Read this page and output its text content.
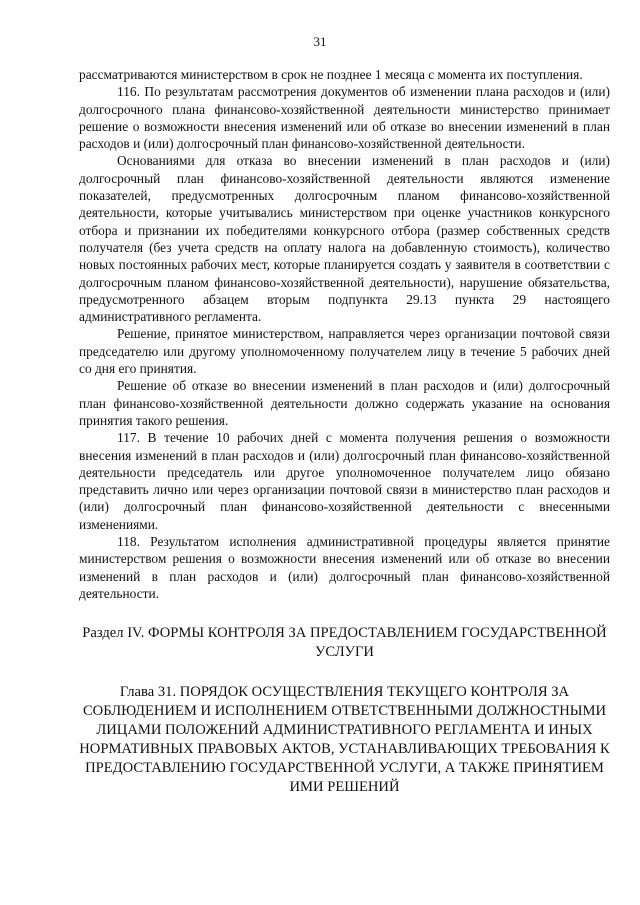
31

рассматриваются министерством в срок не позднее 1 месяца с момента их поступления.

116. По результатам рассмотрения документов об изменении плана расходов и (или) долгосрочного плана финансово-хозяйственной деятельности министерство принимает решение о возможности внесения изменений или об отказе во внесении изменений в план расходов и (или) долгосрочный план финансово-хозяйственной деятельности.

Основаниями для отказа во внесении изменений в план расходов и (или) долгосрочный план финансово-хозяйственной деятельности являются изменение показателей, предусмотренных долгосрочным планом финансово-хозяйственной деятельности, которые учитывались министерством при оценке участников конкурсного отбора и признании их победителями конкурсного отбора (размер собственных средств получателя (без учета средств на оплату налога на добавленную стоимость), количество новых постоянных рабочих мест, которые планируется создать у заявителя в соответствии с долгосрочным планом финансово-хозяйственной деятельности), нарушение обязательства, предусмотренного абзацем вторым подпункта 29.13 пункта 29 настоящего административного регламента.

Решение, принятое министерством, направляется через организации почтовой связи председателю или другому уполномоченному получателем лицу в течение 5 рабочих дней со дня его принятия.

Решение об отказе во внесении изменений в план расходов и (или) долгосрочный план финансово-хозяйственной деятельности должно содержать указание на основания принятия такого решения.

117. В течение 10 рабочих дней с момента получения решения о возможности внесения изменений в план расходов и (или) долгосрочный план финансово-хозяйственной деятельности председатель или другое уполномоченное получателем лицо обязано представить лично или через организации почтовой связи в министерство план расходов и (или) долгосрочный план финансово-хозяйственной деятельности с внесенными изменениями.

118. Результатом исполнения административной процедуры является принятие министерством решения о возможности внесения изменений или об отказе во внесении изменений в план расходов и (или) долгосрочный план финансово-хозяйственной деятельности.

Раздел IV. ФОРМЫ КОНТРОЛЯ ЗА ПРЕДОСТАВЛЕНИЕМ ГОСУДАРСТВЕННОЙ УСЛУГИ
Глава 31. ПОРЯДОК ОСУЩЕСТВЛЕНИЯ ТЕКУЩЕГО КОНТРОЛЯ ЗА СОБЛЮДЕНИЕМ И ИСПОЛНЕНИЕМ ОТВЕТСТВЕННЫМИ ДОЛЖНОСТНЫМИ ЛИЦАМИ ПОЛОЖЕНИЙ АДМИНИСТРАТИВНОГО РЕГЛАМЕНТА И ИНЫХ НОРМАТИВНЫХ ПРАВОВЫХ АКТОВ, УСТАНАВЛИВАЮЩИХ ТРЕБОВАНИЯ К ПРЕДОСТАВЛЕНИЮ ГОСУДАРСТВЕННОЙ УСЛУГИ, А ТАКЖЕ ПРИНЯТИЕМ ИМИ РЕШЕНИЙ
